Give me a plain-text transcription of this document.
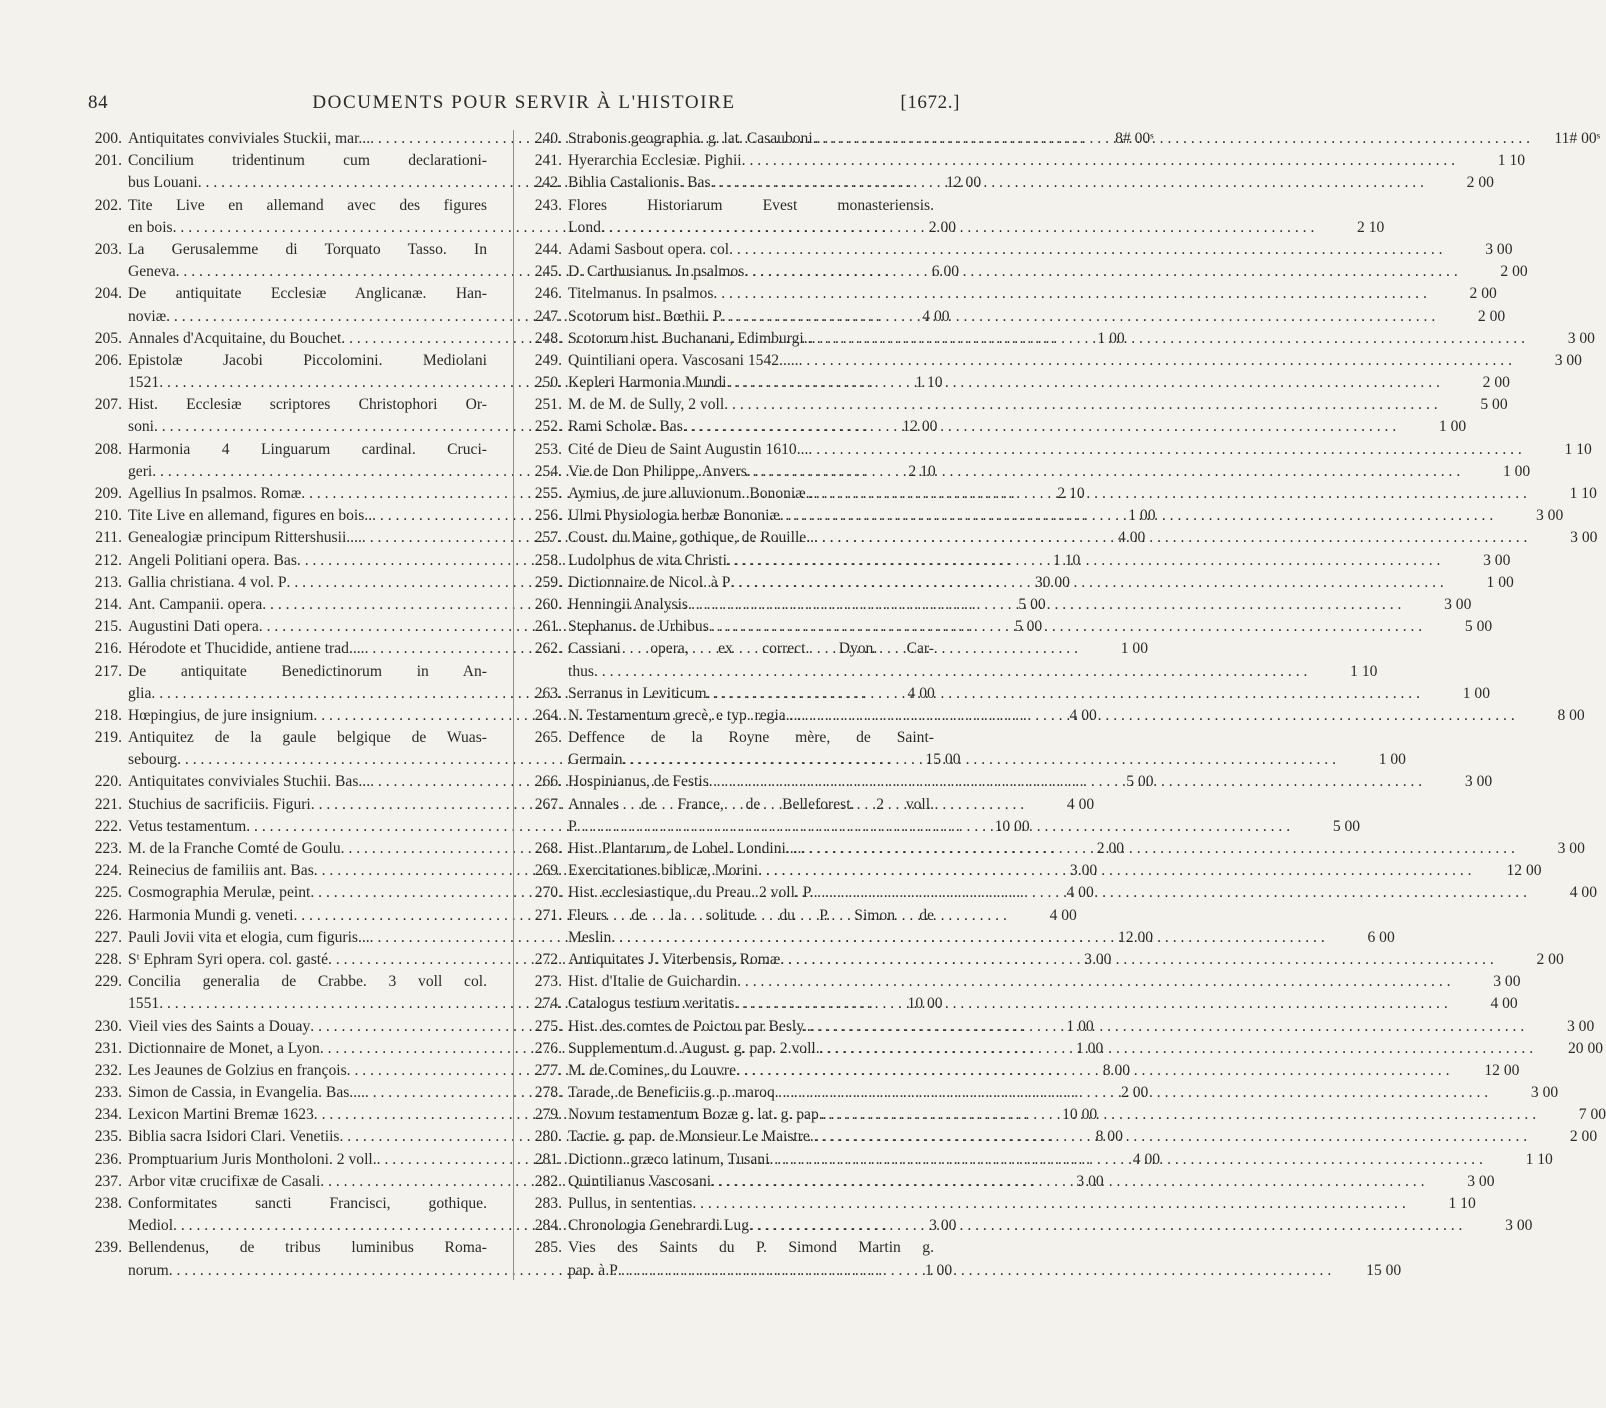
84	DOCUMENTS POUR SERVIR À L'HISTOIRE	[1672.]
200. Antiquitates conviviales Stuckii, mar... . . .	8# 00ˢ
201. Concilium tridentinum cum declarationi-
bus Louani . . .	12 00
202. Tite Live en allemand avec des figures
en bois . . .	2 00
203. La Gerusalemme di Torquato Tasso. In
Geneva . . .	6 00
204. De antiquitate Ecclesiæ Anglicanæ. Han-
noviæ . . .	4 00
205. Annales d'Acquitaine, du Bouchet . . .	1 00
206. Epistolæ Jacobi Piccolomini. Mediolani
1521 . . .	1 10
207. Hist. Ecclesiæ scriptores Christophori Or-
soni . . .	12 00
208. Harmonia 4 Linguarum cardinal. Cruci-
geri . . .	2 10
209. Agellius In psalmos. Romæ . . .	2 10
210. Tite Live en allemand, figures en bois.. . . .	1 00
211. Genealogiæ principum Rittershusii.... . . .	4 00
212. Angeli Politiani opera. Bas . . .	1 10
213. Gallia christiana. 4 vol. P . . .	30 00
214. Ant. Campanii. opera . . .	5 00
215. Augustini Dati opera . . .	5 00
216. Hérodote et Thucidide, antiene trad.... . . .	1 00
217. De antiquitate Benedictinorum in An-
glia . . .	4 00
218. Hœpingius, de jure insignium . . .	4 00
219. Antiquitez de la gaule belgique de Wuas-
sebourg . . .	15 00
220. Antiquitates conviviales Stuchii. Bas... . . .	5 00
221. Stuchius de sacrificiis. Figuri . . .	4 00
222. Vetus testamentum . . .	10 00
223. M. de la Franche Comté de Goulu . . .	2 00
224. Reinecius de familiis ant. Bas . . .	3 00
225. Cosmographia Merulæ, peint . . .	4 00
226. Harmonia Mundi g. veneti . . .	4 00
227. Pauli Jovii vita et elogia, cum figuris... . . .	12 00
228. Sᵗ Ephram Syri opera. col. gasté . . .	3 00
229. Concilia generalia de Crabbe. 3 voll col.
1551 . . .	10 00
230. Vieil vies des Saints a Douay . . .	1 00
231. Dictionnaire de Monet, a Lyon . . .	1 00
232. Les Jeaunes de Golzius en françois . . .	8 00
233. Simon de Cassia, in Evangelia. Bas.... . . .	2 00
234. Lexicon Martini Bremæ 1623 . . .	10 00
235. Biblia sacra Isidori Clari. Venetiis . . .	8 00
236. Promptuarium Juris Montholoni. 2 voll. . . .	4 00
237. Arbor vitæ crucifixæ de Casali . . .	3 00
238. Conformitates sancti Francisci, gothique.
Mediol . . .	3 00
239. Bellendenus, de tribus luminibus Roma-
norum . . .	1 00
240. Strabonis geographia. g. lat. Casauboni. . . .	11# 00ˢ
241. Hyerarchia Ecclesiæ. Pighii . . .	1 10
242. Biblia Castalionis. Bas . . .	2 00
243. Flores Historiarum Evest monasteriensis.
Lond . . .	2 10
244. Adami Sasbout opera. col . . .	3 00
245. D. Carthusianus. In psalmos . . .	2 00
246. Titelmanus. In psalmos . . .	2 00
247. Scotorum hist. Bœthii. P . . .	2 00
248. Scotorum hist. Buchanani, Edimburgi.. . . .	3 00
249. Quintiliani opera. Vascosani 1542..... . . .	3 00
250. Kepleri Harmonia Mundi . . .	2 00
251. M. de M. de Sully, 2 voll . . .	5 00
252. Rami Scholæ. Bas . . .	1 00
253. Cité de Dieu de Saint Augustin 1610... . . .	1 10
254. Vie de Don Philippe, Anvers . . .	1 00
255. Aymius, de jure alluvionum. Bononiæ.. . . .	1 10
256. Ulmi Physiologia herbæ Bononiæ . . .	3 00
257. Coust. du Maine, gothique, de Rouille.. . . .	3 00
258. Ludolphus de vita Christi . . .	3 00
259. Dictionnaire de Nicol. à P . . .	1 00
260. Henningii Analysis . . .	3 00
261. Stephanus. de Urbibus . . .	5 00
262. Cassiani opera, ex correct. Dyon. Car-
thus . . .	1 10
263. Serranus in Leviticum . . .	1 00
264. N. Testamentum grecè, e typ. regia.... . . .	8 00
265. Deffence de la Royne mère, de Saint-
Germain . . .	1 00
266. Hospinianus, de Festis . . .	3 00
267. Annales de France, de Belleforest. 2 voll.
P . . .	5 00
268. Hist. Plantarum, de Lobel. Londini.... . . .	3 00
269. Exercitationes biblicæ, Morini . . .	12 00
270. Hist. ecclesiastique, du Preau. 2 voll. P. . . .	4 00
271. Fleurs de la solitude du P. Simon de
Meslin . . .	6 00
272. Antiquitates J. Viterbensis, Romæ . . .	2 00
273. Hist. d'Italie de Guichardin . . .	3 00
274. Catalogus testium veritatis . . .	4 00
275. Hist. des comtes de Poictou par Besly.. . . .	3 00
276. Supplementum d. August. g. pap. 2 voll. . . .	20 00
277. M. de Comines, du Louvre . . .	12 00
278. Tarade, de Beneficiis g. p. maroq . . .	3 00
279. Novum testamentum Bozæ g. lat. g. pap. . . .	7 00
280. Tactie. g. pap. de Monsieur Le Maistre. . . .	2 00
281. Dictionn. græco latinum, Tusani . . .	1 10
282. Quintilianus Vascosani . . .	3 00
283. Pullus, in sententias . . .	1 10
284. Chronologia Genebrardi Lug . . .	3 00
285. Vies des Saints du P. Simond Martin g.
pap. à P . . .	15 00
